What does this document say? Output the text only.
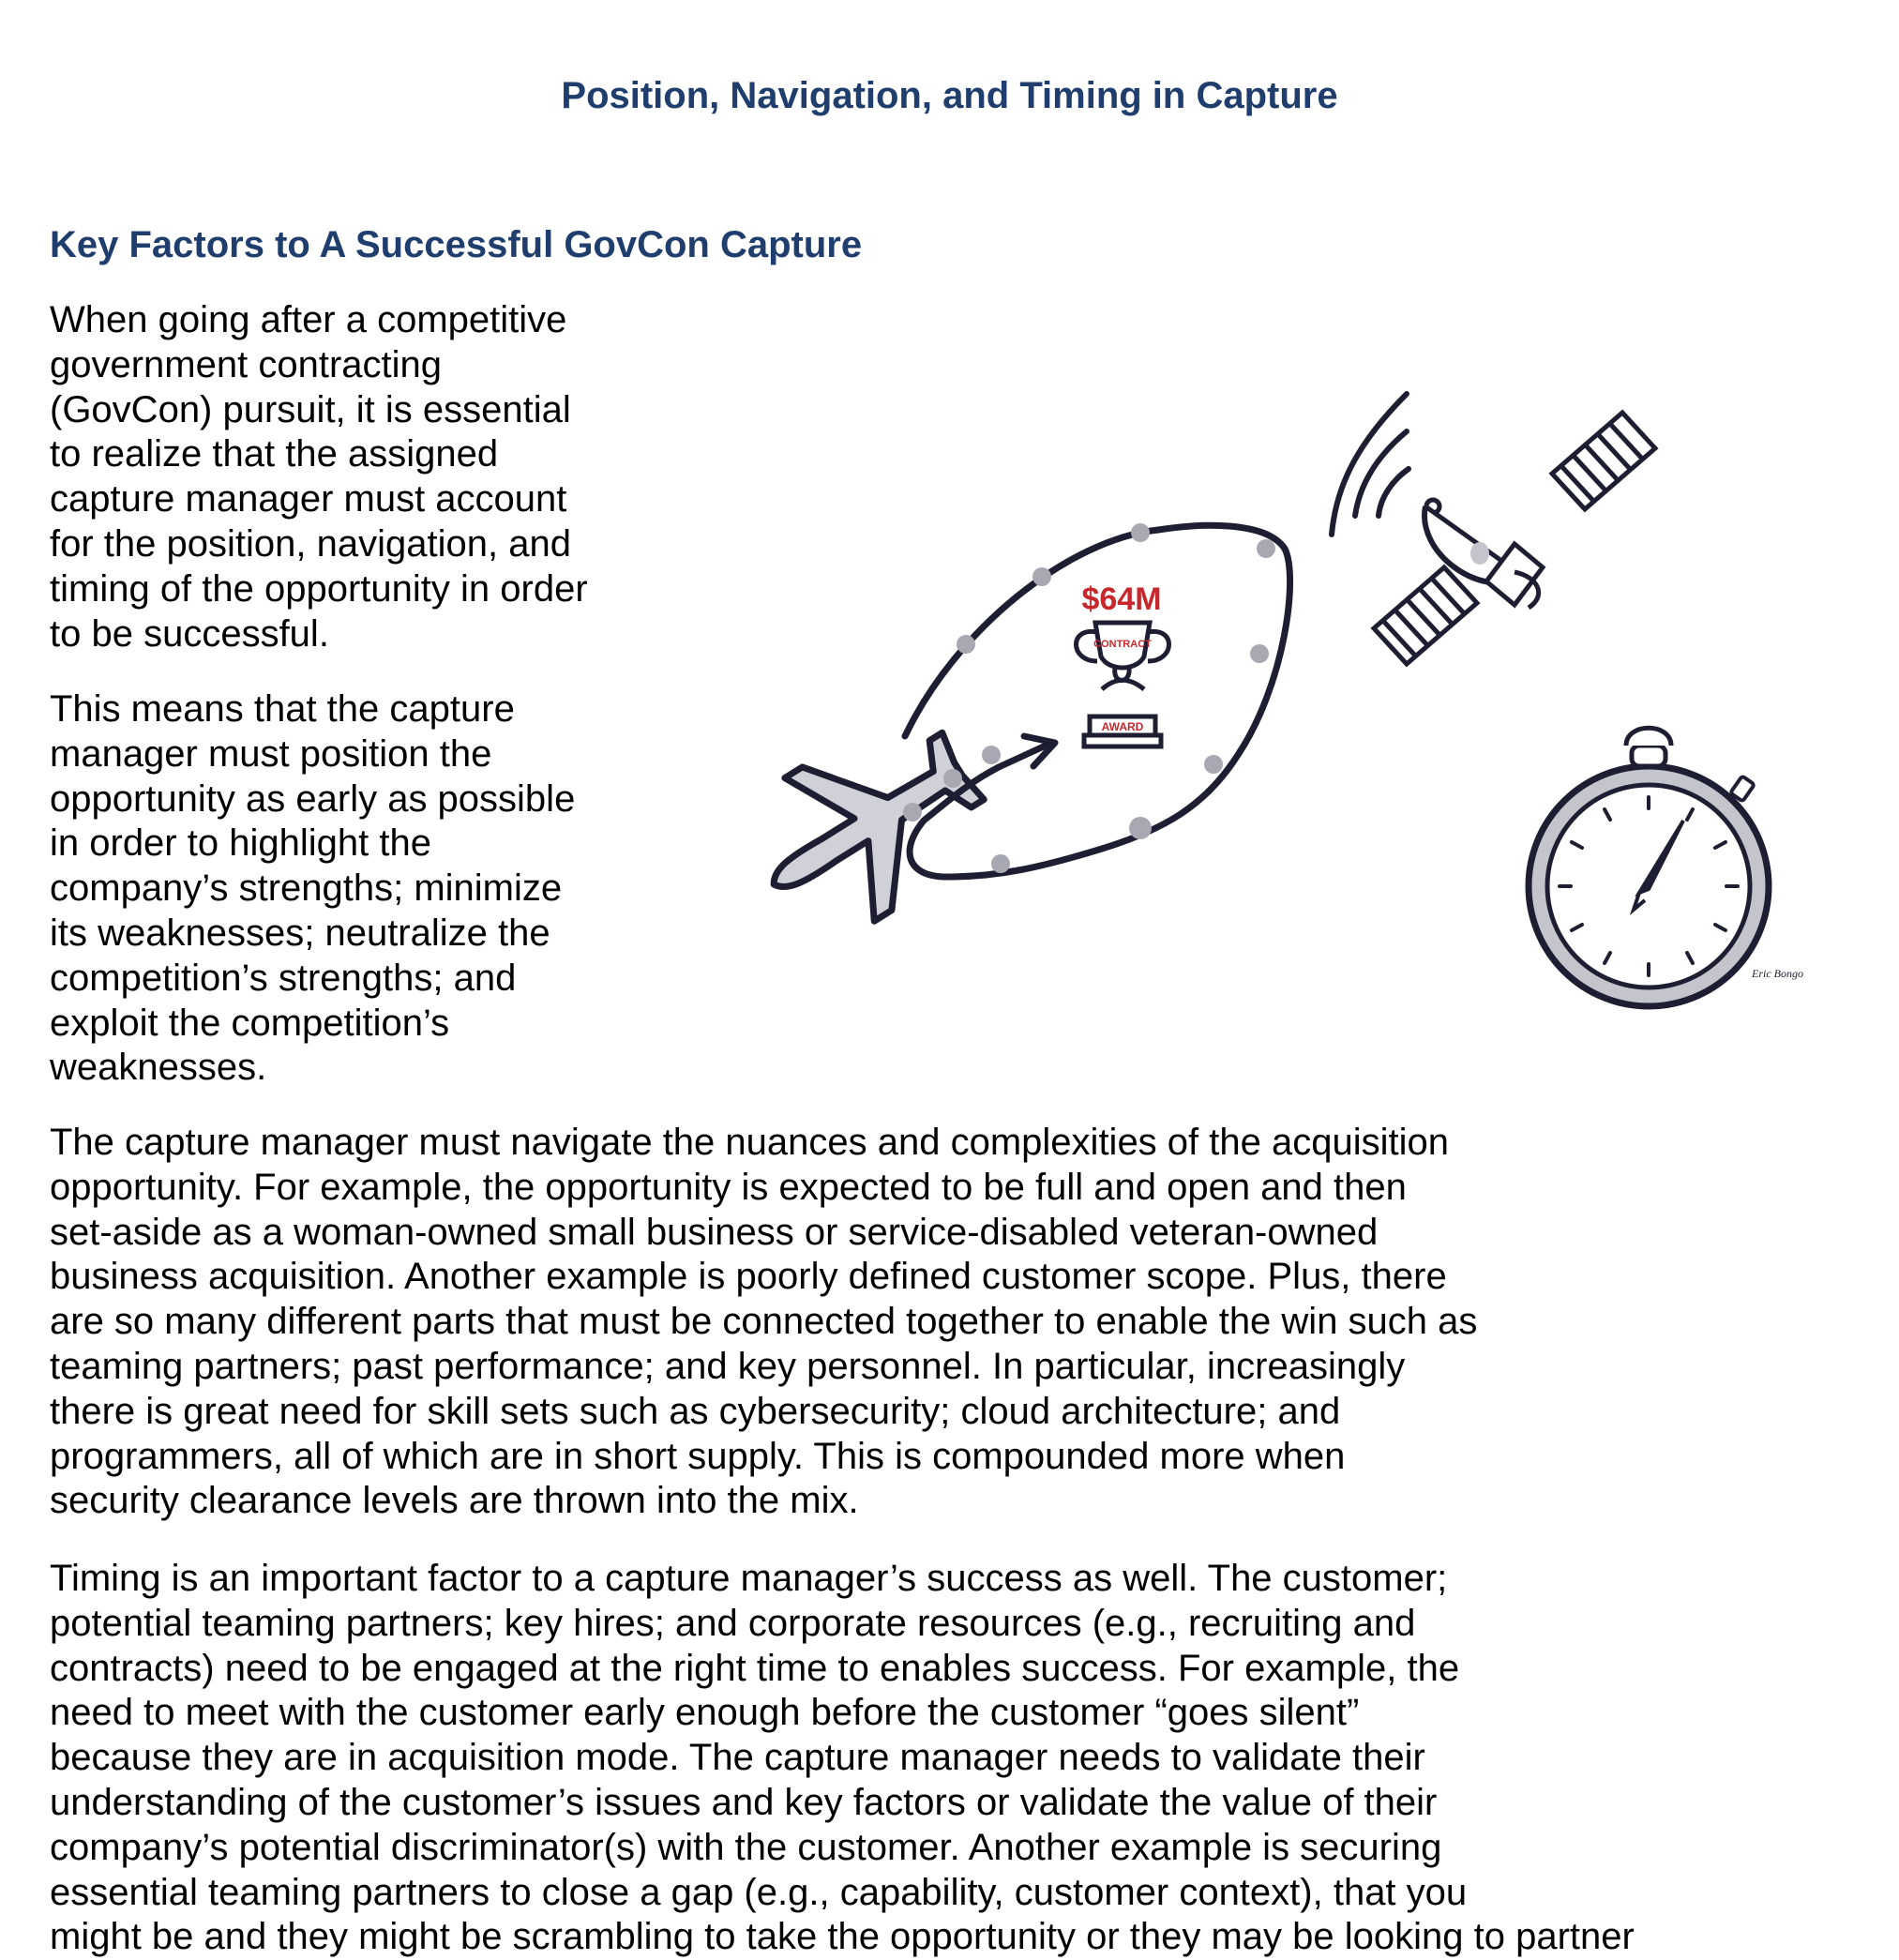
Position, Navigation, and Timing in Capture
Key Factors to A Successful GovCon Capture
When going after a competitive
government contracting
(GovCon) pursuit, it is essential
to realize that the assigned
capture manager must account
for the position, navigation, and
timing of the opportunity in order
to be successful.
This means that the capture
manager must position the
opportunity as early as possible
in order to highlight the
company’s strengths; minimize
its weaknesses; neutralize the
competition’s strengths; and
exploit the competition’s
weaknesses.
$64M
CONTRACT
AWARD
Eric Bongo
The capture manager must navigate the nuances and complexities of the acquisition
opportunity. For example, the opportunity is expected to be full and open and then
set-aside as a woman-owned small business or service-disabled veteran-owned
business acquisition. Another example is poorly defined customer scope. Plus, there
are so many different parts that must be connected together to enable the win such as
teaming partners; past performance; and key personnel. In particular, increasingly
there is great need for skill sets such as cybersecurity; cloud architecture; and
programmers, all of which are in short supply. This is compounded more when
security clearance levels are thrown into the mix.
Timing is an important factor to a capture manager’s success as well. The customer;
potential teaming partners; key hires; and corporate resources (e.g., recruiting and
contracts) need to be engaged at the right time to enables success. For example, the
need to meet with the customer early enough before the customer “goes silent”
because they are in acquisition mode. The capture manager needs to validate their
understanding of the customer’s issues and key factors or validate the value of their
company’s potential discriminator(s) with the customer. Another example is securing
essential teaming partners to close a gap (e.g., capability, customer context), that you
might be and they might be scrambling to take the opportunity or they may be looking to partner
